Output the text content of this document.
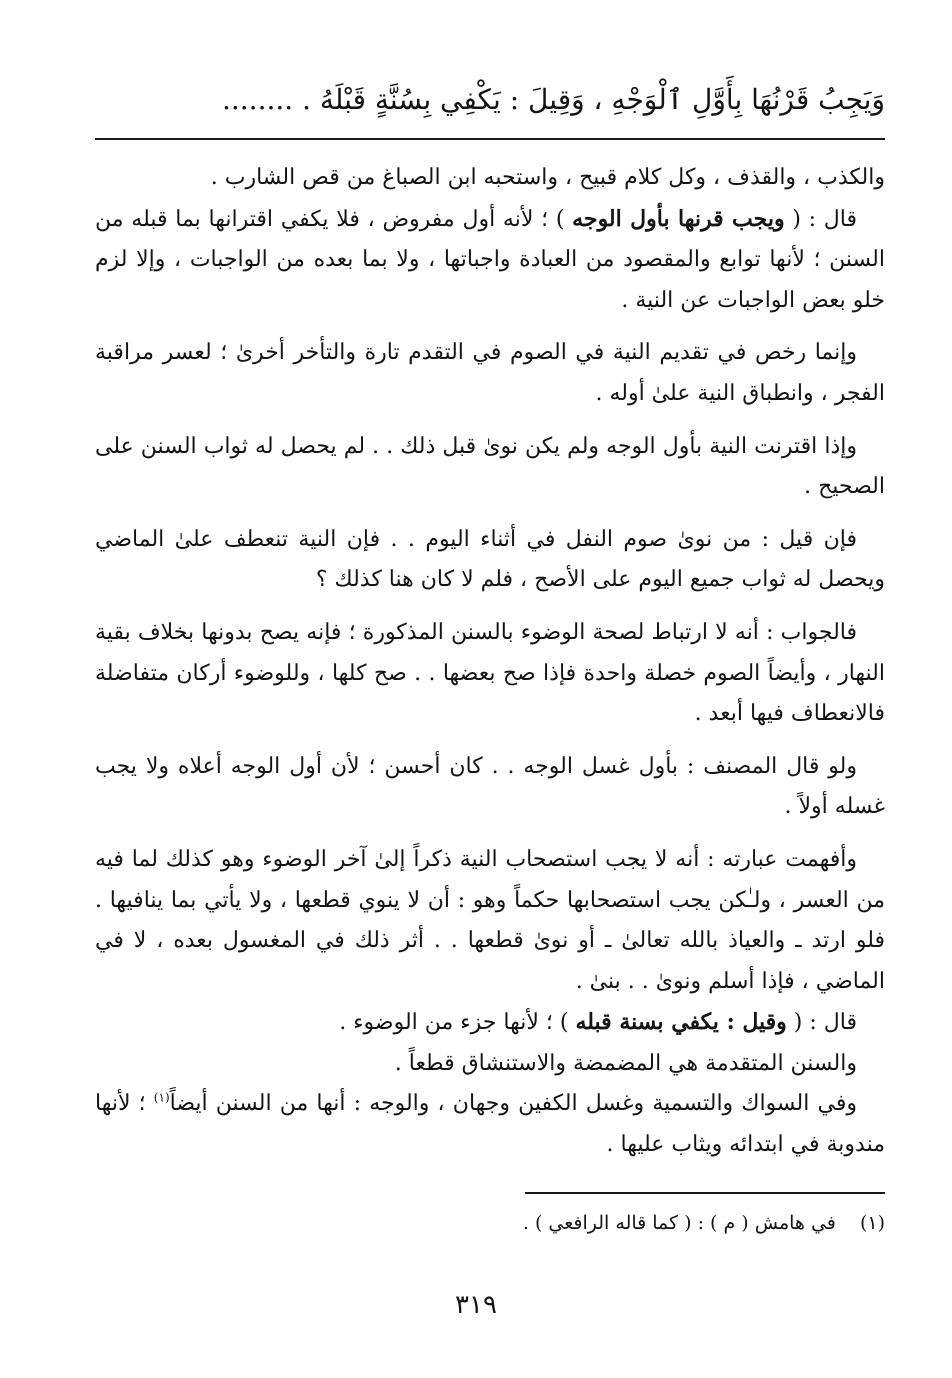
وَيَجِبُ قَرْنُهَا بِأَوَّلِ ٱلْوَجْهِ ، وَقِيلَ : يَكْفِي بِسُنَّةٍ قَبْلَهُ . ........

والكذب ، والقذف ، وكل كلام قبيح ، واستحبه ابن الصباغ من قص الشارب .

قال : ( ويجب قرنها بأول الوجه ) ؛ لأنه أول مفروض ، فلا يكفي اقترانها بما قبله من السنن ؛ لأنها توابع والمقصود من العبادة واجباتها ، ولا بما بعده من الواجبات ، وإلا لزم خلو بعض الواجبات عن النية .

وإنما رخص في تقديم النية في الصوم في التقدم تارة والتأخر أخرىٰ ؛ لعسر مراقبة الفجر ، وانطباق النية علىٰ أوله .

وإذا اقترنت النية بأول الوجه ولم يكن نوىٰ قبل ذلك . . لم يحصل له ثواب السنن على الصحيح .

فإن قيل : من نوىٰ صوم النفل في أثناء اليوم . . فإن النية تنعطف علىٰ الماضي ويحصل له ثواب جميع اليوم على الأصح ، فلم لا كان هنا كذلك ؟

فالجواب : أنه لا ارتباط لصحة الوضوء بالسنن المذكورة ؛ فإنه يصح بدونها بخلاف بقية النهار ، وأيضاً الصوم خصلة واحدة فإذا صح بعضها . . صح كلها ، وللوضوء أركان متفاضلة فالانعطاف فيها أبعد .

ولو قال المصنف : بأول غسل الوجه . . كان أحسن ؛ لأن أول الوجه أعلاه ولا يجب غسله أولاً .

وأفهمت عبارته : أنه لا يجب استصحاب النية ذكراً إلىٰ آخر الوضوء وهو كذلك لما فيه من العسر ، ولـٰكن يجب استصحابها حكماً وهو : أن لا ينوي قطعها ، ولا يأتي بما ينافيها . فلو ارتد ـ والعياذ بالله تعالىٰ ـ أو نوىٰ قطعها . . أثر ذلك في المغسول بعده ، لا في الماضي ، فإذا أسلم ونوىٰ . . بنىٰ .

قال : ( وقيل : يكفي بسنة قبله ) ؛ لأنها جزء من الوضوء .

والسنن المتقدمة هي المضمضة والاستنشاق قطعاً .

وفي السواك والتسمية وغسل الكفين وجهان ، والوجه : أنها من السنن أيضاً$^{(١)}$ ؛ لأنها مندوبة في ابتدائه ويثاب عليها .

(١) في هامش ( م ) : ( كما قاله الرافعي ) .
٣١٩
